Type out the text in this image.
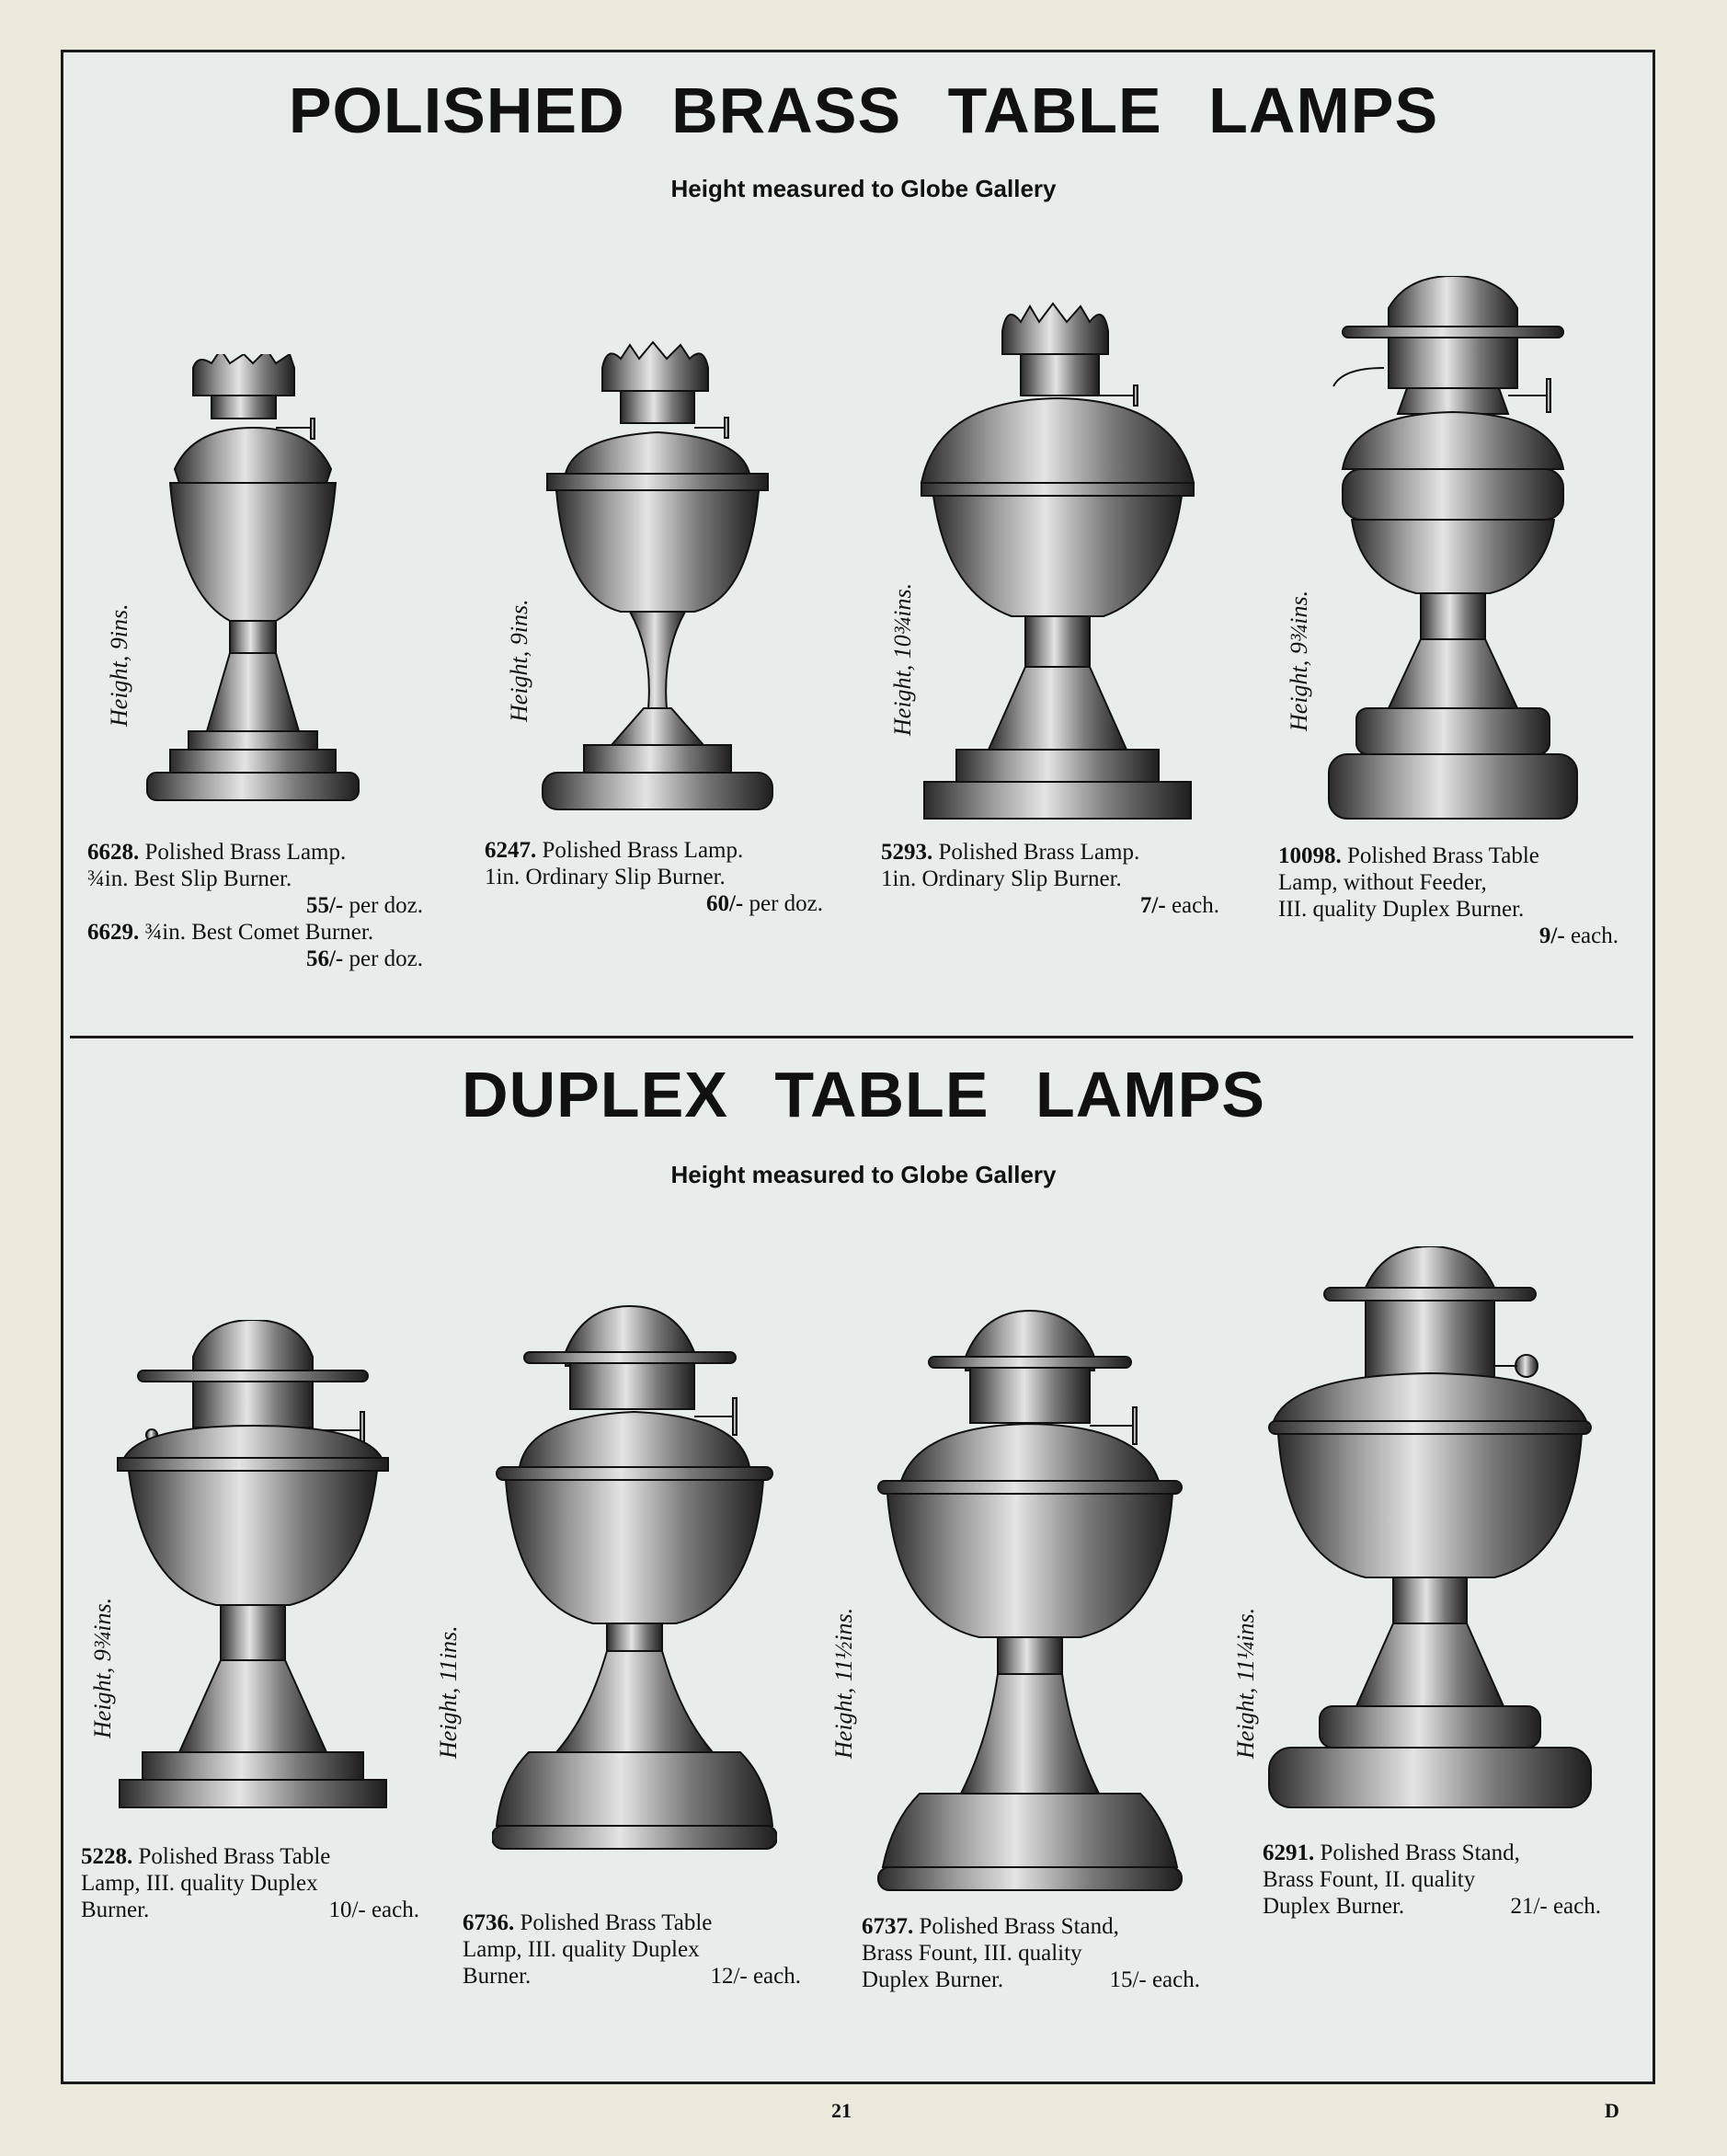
POLISHED BRASS TABLE LAMPS
Height measured to Globe Gallery
DUPLEX TABLE LAMPS
Height measured to Globe Gallery
Height, 9ins.	Height, 9ins.	Height, 10¾ins.	Height, 9¾ins.
Height, 9¾ins.	Height, 11ins.	Height, 11½ins.	Height, 11¼ins.
6628. Polished Brass Lamp.
¾in. Best Slip Burner.
55/- per doz.
6629. ¾in. Best Comet Burner.
56/- per doz.
6247. Polished Brass Lamp.
1in. Ordinary Slip Burner.
60/- per doz.
5293. Polished Brass Lamp.
1in. Ordinary Slip Burner.
7/- each.
10098. Polished Brass Table
Lamp, without Feeder,
III. quality Duplex Burner.
9/- each.
5228. Polished Brass Table
Lamp, III. quality Duplex
Burner.	10/- each.
6736. Polished Brass Table
Lamp, III. quality Duplex
Burner.	12/- each.
6737. Polished Brass Stand,
Brass Fount, III. quality
Duplex Burner.	15/- each.
6291. Polished Brass Stand,
Brass Fount, II. quality
Duplex Burner.	21/- each.
21	D
